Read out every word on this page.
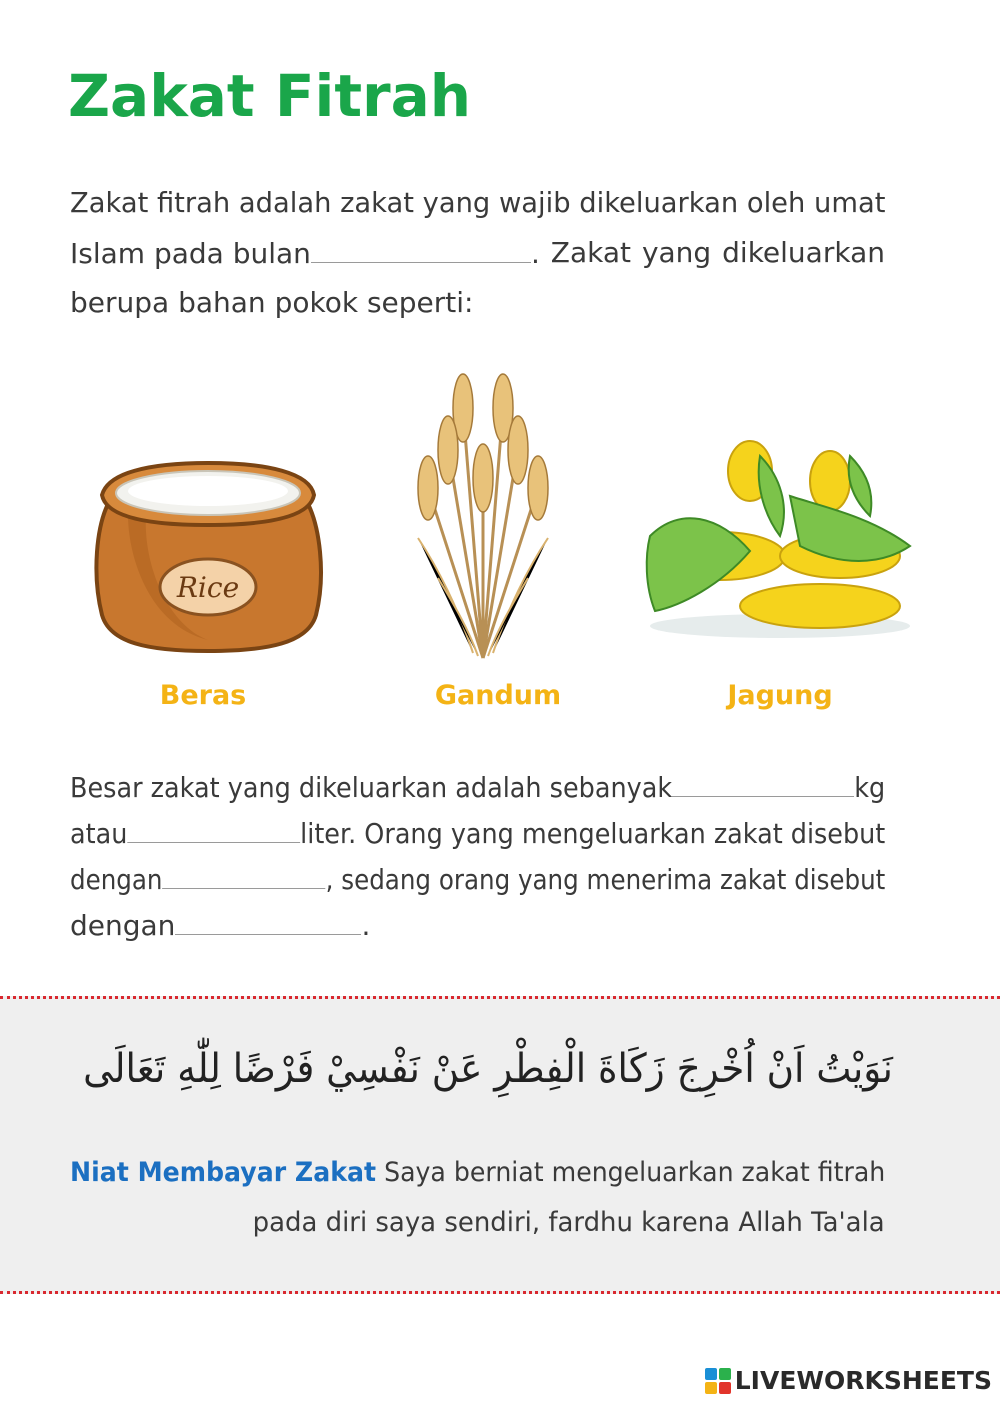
Zakat Fitrah
Zakat fitrah adalah zakat yang wajib dikeluarkan oleh umat
Islam pada bulan	. Zakat yang dikeluarkan
berupa bahan pokok seperti:
Rice
Beras	Gandum	Jagung
Besar zakat yang dikeluarkan adalah sebanyak	kg
atau	liter. Orang yang mengeluarkan zakat disebut
dengan	, sedang orang yang menerima zakat disebut
dengan	.
نَوَيْتُ اَنْ اُخْرِجَ زَكَاةَ الْفِطْرِ عَنْ نَفْسِيْ فَرْضًا لِلّٰهِ تَعَالَى
Niat Membayar Zakat Saya berniat mengeluarkan zakat fitrah
pada diri saya sendiri, fardhu karena Allah Ta'ala
LIVEWORKSHEETS
